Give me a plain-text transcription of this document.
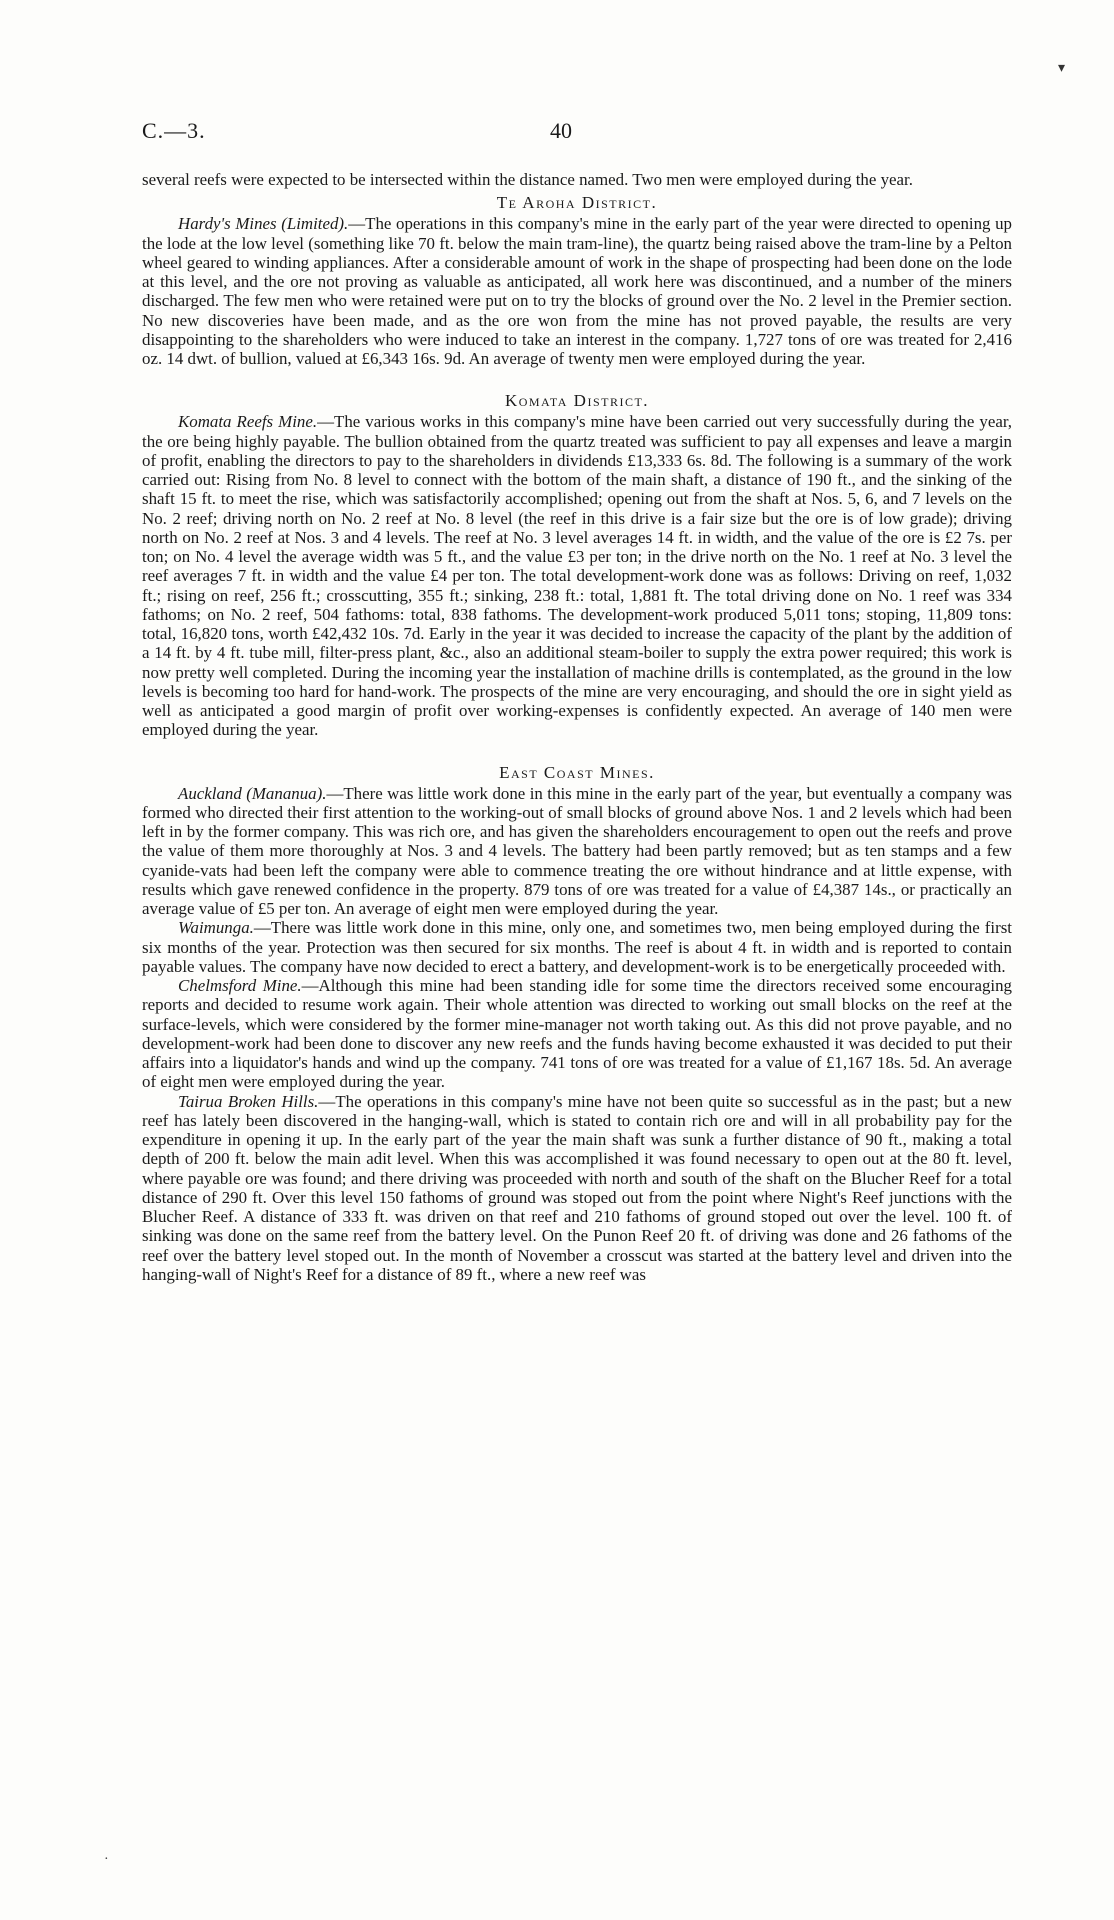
▾
·
C.—3.	40

several reefs were expected to be intersected within the distance named. Two men were employed during the year.

Te Aroha District.

Hardy's Mines (Limited).—The operations in this company's mine in the early part of the year were directed to opening up the lode at the low level (something like 70 ft. below the main tram-line), the quartz being raised above the tram-line by a Pelton wheel geared to winding appliances. After a considerable amount of work in the shape of prospecting had been done on the lode at this level, and the ore not proving as valuable as anticipated, all work here was discontinued, and a number of the miners discharged. The few men who were retained were put on to try the blocks of ground over the No. 2 level in the Premier section. No new discoveries have been made, and as the ore won from the mine has not proved payable, the results are very disappointing to the shareholders who were induced to take an interest in the company. 1,727 tons of ore was treated for 2,416 oz. 14 dwt. of bullion, valued at £6,343 16s. 9d. An average of twenty men were employed during the year.

Komata District.

Komata Reefs Mine.—The various works in this company's mine have been carried out very successfully during the year, the ore being highly payable. The bullion obtained from the quartz treated was sufficient to pay all expenses and leave a margin of profit, enabling the directors to pay to the shareholders in dividends £13,333 6s. 8d. The following is a summary of the work carried out: Rising from No. 8 level to connect with the bottom of the main shaft, a distance of 190 ft., and the sinking of the shaft 15 ft. to meet the rise, which was satisfactorily accomplished; opening out from the shaft at Nos. 5, 6, and 7 levels on the No. 2 reef; driving north on No. 2 reef at No. 8 level (the reef in this drive is a fair size but the ore is of low grade); driving north on No. 2 reef at Nos. 3 and 4 levels. The reef at No. 3 level averages 14 ft. in width, and the value of the ore is £2 7s. per ton; on No. 4 level the average width was 5 ft., and the value £3 per ton; in the drive north on the No. 1 reef at No. 3 level the reef averages 7 ft. in width and the value £4 per ton. The total development-work done was as follows: Driving on reef, 1,032 ft.; rising on reef, 256 ft.; crosscutting, 355 ft.; sinking, 238 ft.: total, 1,881 ft. The total driving done on No. 1 reef was 334 fathoms; on No. 2 reef, 504 fathoms: total, 838 fathoms. The development-work produced 5,011 tons; stoping, 11,809 tons: total, 16,820 tons, worth £42,432 10s. 7d. Early in the year it was decided to increase the capacity of the plant by the addition of a 14 ft. by 4 ft. tube mill, filter-press plant, &c., also an additional steam-boiler to supply the extra power required; this work is now pretty well completed. During the incoming year the installation of machine drills is contemplated, as the ground in the low levels is becoming too hard for hand-work. The prospects of the mine are very encouraging, and should the ore in sight yield as well as anticipated a good margin of profit over working-expenses is confidently expected. An average of 140 men were employed during the year.

East Coast Mines.

Auckland (Mananua).—There was little work done in this mine in the early part of the year, but eventually a company was formed who directed their first attention to the working-out of small blocks of ground above Nos. 1 and 2 levels which had been left in by the former company. This was rich ore, and has given the shareholders encouragement to open out the reefs and prove the value of them more thoroughly at Nos. 3 and 4 levels. The battery had been partly removed; but as ten stamps and a few cyanide-vats had been left the company were able to commence treating the ore without hindrance and at little expense, with results which gave renewed confidence in the property. 879 tons of ore was treated for a value of £4,387 14s., or practically an average value of £5 per ton. An average of eight men were employed during the year.

Waimunga.—There was little work done in this mine, only one, and sometimes two, men being employed during the first six months of the year. Protection was then secured for six months. The reef is about 4 ft. in width and is reported to contain payable values. The company have now decided to erect a battery, and development-work is to be energetically proceeded with.

Chelmsford Mine.—Although this mine had been standing idle for some time the directors received some encouraging reports and decided to resume work again. Their whole attention was directed to working out small blocks on the reef at the surface-levels, which were considered by the former mine-manager not worth taking out. As this did not prove payable, and no development-work had been done to discover any new reefs and the funds having become exhausted it was decided to put their affairs into a liquidator's hands and wind up the company. 741 tons of ore was treated for a value of £1,167 18s. 5d. An average of eight men were employed during the year.

Tairua Broken Hills.—The operations in this company's mine have not been quite so successful as in the past; but a new reef has lately been discovered in the hanging-wall, which is stated to contain rich ore and will in all probability pay for the expenditure in opening it up. In the early part of the year the main shaft was sunk a further distance of 90 ft., making a total depth of 200 ft. below the main adit level. When this was accomplished it was found necessary to open out at the 80 ft. level, where payable ore was found; and there driving was proceeded with north and south of the shaft on the Blucher Reef for a total distance of 290 ft. Over this level 150 fathoms of ground was stoped out from the point where Night's Reef junctions with the Blucher Reef. A distance of 333 ft. was driven on that reef and 210 fathoms of ground stoped out over the level. 100 ft. of sinking was done on the same reef from the battery level. On the Punon Reef 20 ft. of driving was done and 26 fathoms of the reef over the battery level stoped out. In the month of November a crosscut was started at the battery level and driven into the hanging-wall of Night's Reef for a distance of 89 ft., where a new reef was
